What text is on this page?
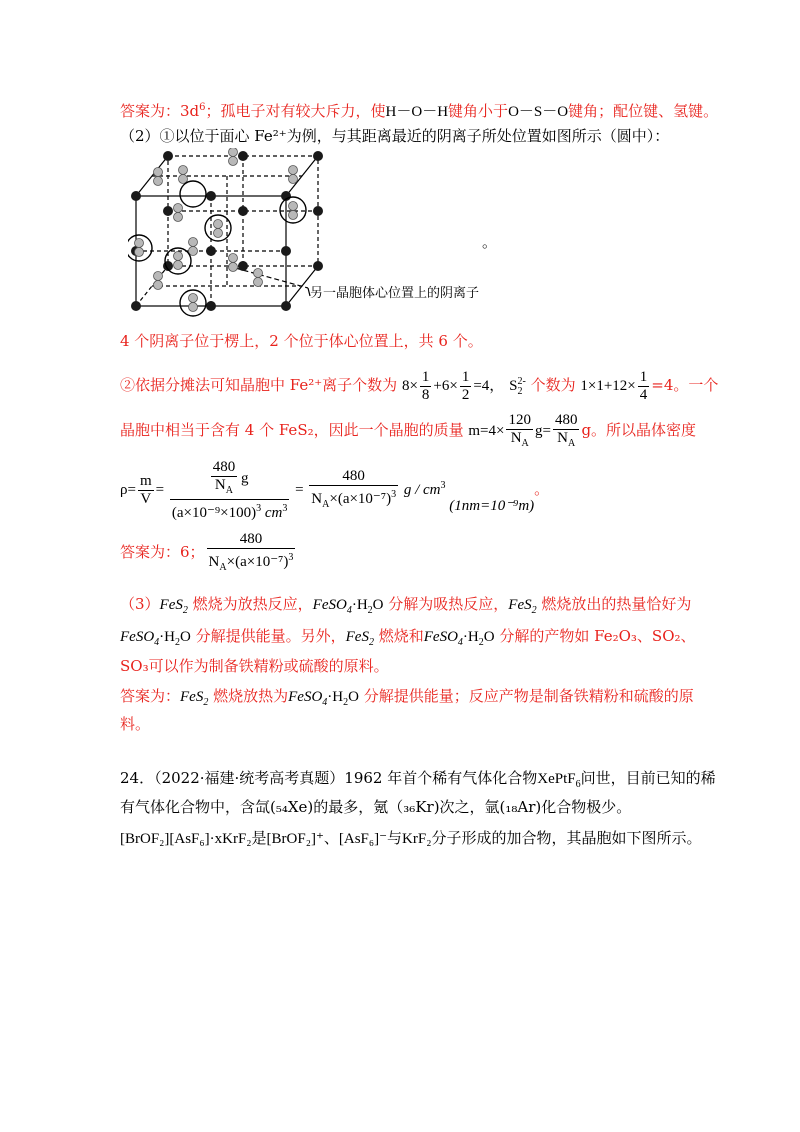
答案为：$3d^6$；孤电子对有较大斥力，使H－O－H键角小于O－S－O键角；配位键、氢键。
（2）①以位于面心 Fe²⁺为例，与其距离最近的阴离子所处位置如图所示（圆中）：
另一晶胞体心位置上的阴离子
。
4 个阴离子位于楞上，2 个位于体心位置上，共 6 个。
②依据分摊法可知晶胞中 Fe²⁺离子个数为 $8\times \frac{1}{8} +6\times \frac{1}{2} =4$， $S_2^{2-}$ 个数为 $1\times 1+12\times \frac{1}{4} =4$。一个
晶胞中相当于含有 4 个 FeS₂，因此一个晶胞的质量 $m=4\times \frac{120}{N_A} g= \frac{480}{N_A}$ g。所以晶体密度
$\rho= \frac{m}{V} = \frac{\frac{480}{N_A} g}{(a\times 10^{-9}\times 100)^3 cm^3} = \frac{480}{N_A\times(a\times 10^{-7})^3}$ g / $cm^3$ (1nm=10⁻⁹m)。
答案为：6； $\frac{480}{N_A\times(a\times 10^{-7})^3}$
（3）FeS$_2$ 燃烧为放热反应，$FeSO_4\cdot H_2O$ 分解为吸热反应，FeS$_2$ 燃烧放出的热量恰好为
$FeSO_4\cdot H_2O$ 分解提供能量。另外，FeS$_2$ 燃烧和$FeSO_4\cdot H_2O$ 分解的产物如 Fe₂O₃、SO₂、
SO₃可以作为制备铁精粉或硫酸的原料。
答案为：FeS$_2$ 燃烧放热为$FeSO_4\cdot H_2O$ 分解提供能量；反应产物是制备铁精粉和硫酸的原
料。
24．（2022·福建·统考高考真题）1962 年首个稀有气体化合物XePtF$_6$问世，目前已知的稀
有气体化合物中，含氙(₅₄Xe)的最多，氪（₃₆Kr)次之，氩(₁₈Ar)化合物极少。
[BrOF₂][AsF₆]·xKrF₂是[BrOF₂]⁺、[AsF₆]⁻与KrF₂分子形成的加合物，其晶胞如下图所示。
